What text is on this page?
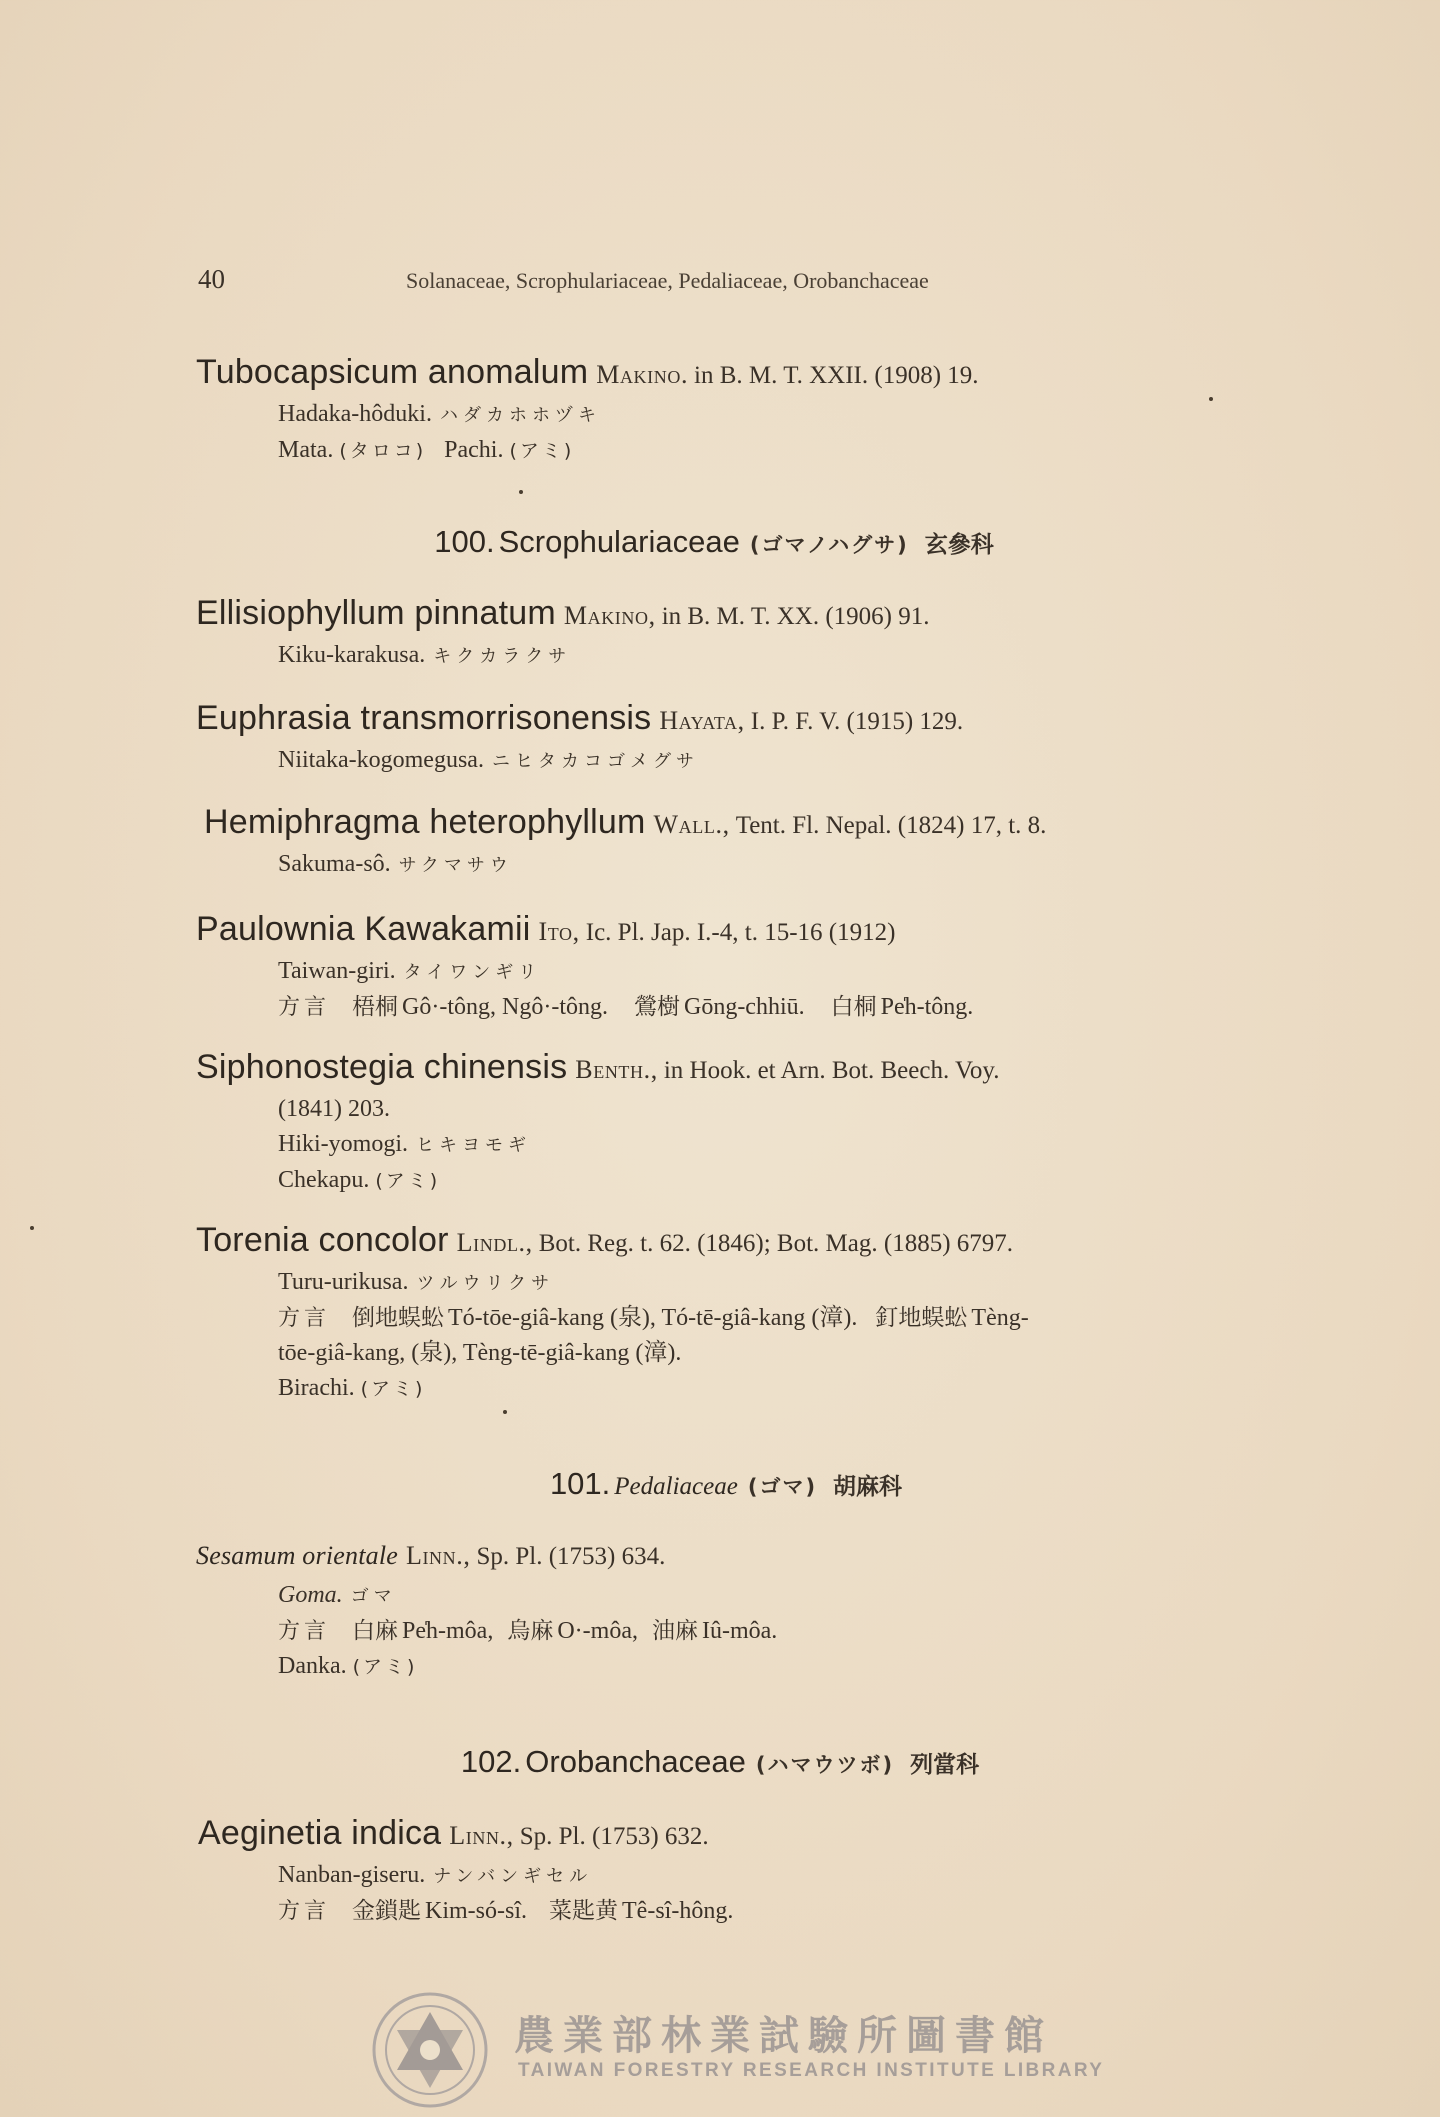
40	Solanaceae, Scrophulariaceae, Pedaliaceae, Orobanchaceae
Tubocapsicum anomalum Makino. in B. M. T. XXII. (1908) 19.
Hadaka-hôduki. ハダカホホヅキ
Mata. (タロコ) Pachi. (アミ)
100. Scrophulariaceae (ゴマノハグサ) 玄參科
Ellisiophyllum pinnatum Makino, in B. M. T. XX. (1906) 91.
Kiku-karakusa. キクカラクサ
Euphrasia transmorrisonensis Hayata, I. P. F. V. (1915) 129.
Niitaka-kogomegusa. ニヒタカコゴメグサ
Hemiphragma heterophyllum Wall., Tent. Fl. Nepal. (1824) 17, t. 8.
Sakuma-sô. サクマサウ
Paulownia Kawakamii Ito, Ic. Pl. Jap. I.-4, t. 15-16 (1912)
Taiwan-giri. タイワンギリ
方言 梧桐 Gô·-tông, Ngô·-tông. 鶯樹 Gōng-chhiū. 白桐 Pe̍h-tông.
Siphonostegia chinensis Benth., in Hook. et Arn. Bot. Beech. Voy.
(1841) 203.
Hiki-yomogi. ヒキヨモギ
Chekapu. (アミ)
Torenia concolor Lindl., Bot. Reg. t. 62. (1846); Bot. Mag. (1885) 6797.
Turu-urikusa. ツルウリクサ
方言 倒地蜈蚣 Tó-tōe-giâ-kang (泉), Tó-tē-giâ-kang (漳). 釘地蜈蚣 Tèng-
tōe-giâ-kang, (泉), Tèng-tē-giâ-kang (漳).
Birachi. (アミ)
101. Pedaliaceae (ゴマ) 胡麻科
Sesamum orientale Linn., Sp. Pl. (1753) 634.
Goma. ゴマ
方言 白麻 Pe̍h-môa, 烏麻 O·-môa, 油麻 Iû-môa.
Danka. (アミ)
102. Orobanchaceae (ハマウツボ) 列當科
Aeginetia indica Linn., Sp. Pl. (1753) 632.
Nanban-giseru. ナンバンギセル
方言 金鎖匙 Kim-só-sî. 菜匙黄 Tê-sî-hông.
農業部林業試驗所圖書館
TAIWAN FORESTRY RESEARCH INSTITUTE LIBRARY
